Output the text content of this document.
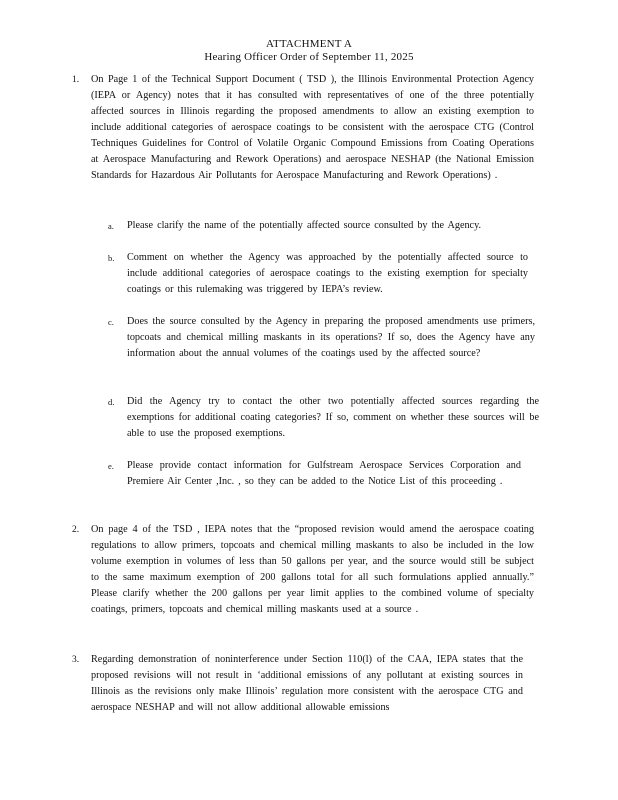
ATTACHMENT A
Hearing Officer Order of September 11, 2025
1. On Page 1 of the Technical Support Document ( TSD ), the Illinois Environmental Protection Agency (IEPA or Agency) notes that it has consulted with representatives of one of the three potentially affected sources in Illinois regarding the proposed amendments to allow an existing exemption to include additional categories of aerospace coatings to be consistent with the aerospace CTG (Control Techniques Guidelines for Control of Volatile Organic Compound Emissions from Coating Operations at Aerospace Manufacturing and Rework Operations) and aerospace NESHAP (the National Emission Standards for Hazardous Air Pollutants for Aerospace Manufacturing and Rework Operations) .
a. Please clarify the name of the potentially affected source consulted by the Agency.
b. Comment on whether the Agency was approached by the potentially affected source to include additional categories of aerospace coatings to the existing exemption for specialty coatings or this rulemaking was triggered by IEPA’s review.
c. Does the source consulted by the Agency in preparing the proposed amendments use primers, topcoats and chemical milling maskants in its operations? If so, does the Agency have any information about the annual volumes of the coatings used by the affected source?
d. Did the Agency try to contact the other two potentially affected sources regarding the exemptions for additional coating categories? If so, comment on whether these sources will be able to use the proposed exemptions.
e. Please provide contact information for Gulfstream Aerospace Services Corporation and Premiere Air Center ,Inc. , so they can be added to the Notice List of this proceeding .
2. On page 4 of the TSD , IEPA notes that the “proposed revision would amend the aerospace coating regulations to allow primers, topcoats and chemical milling maskants to also be included in the low volume exemption in volumes of less than 50 gallons per year, and the source would still be subject to the same maximum exemption of 200 gallons total for all such formulations applied annually.” Please clarify whether the 200 gallons per year limit applies to the combined volume of specialty coatings, primers, topcoats and chemical milling maskants used at a source .
3. Regarding demonstration of noninterference under Section 110(l) of the CAA, IEPA states that the proposed revisions will not result in ‘additional emissions of any pollutant at existing sources in Illinois as the revisions only make Illinois’ regulation more consistent with the aerospace CTG and aerospace NESHAP and will not allow additional allowable emissions
